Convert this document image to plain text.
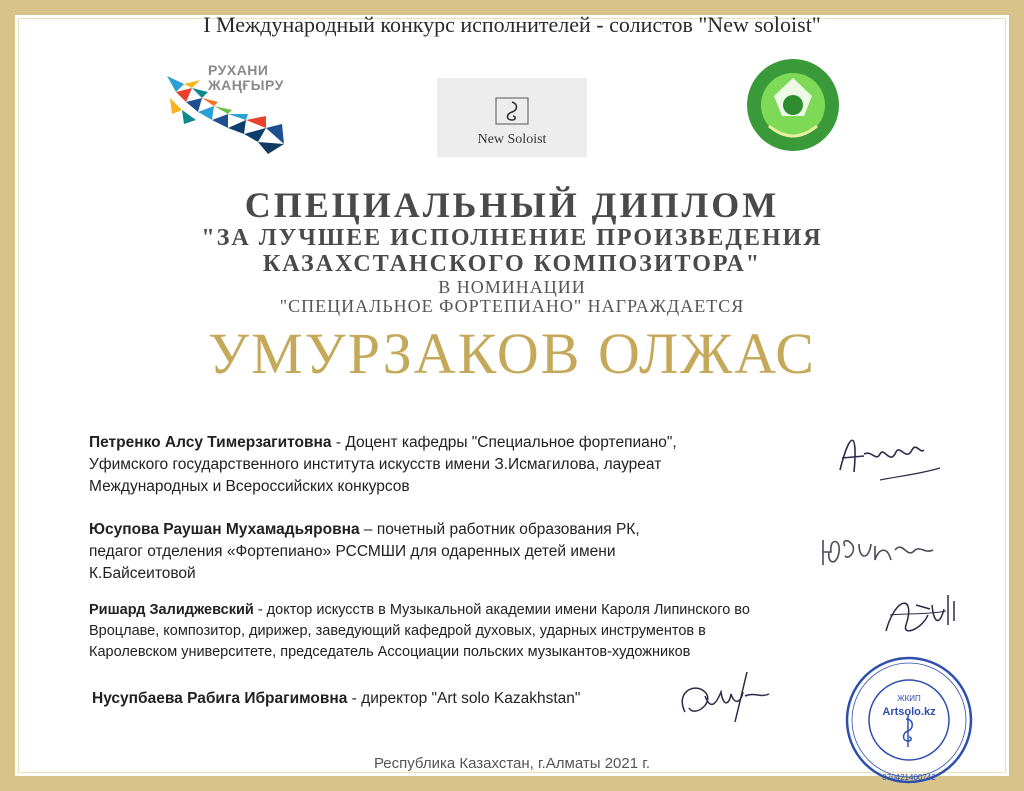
I Международный конкурс исполнителей - солистов "New soloist"
РУХАНИ ЖАҢҒЫРУ
New Soloist
СПЕЦИАЛЬНЫЙ ДИПЛОМ
"ЗА ЛУЧШЕЕ ИСПОЛНЕНИЕ ПРОИЗВЕДЕНИЯ
КАЗАХСТАНСКОГО КОМПОЗИТОРА"
В НОМИНАЦИИ
"СПЕЦИАЛЬНОЕ ФОРТЕПИАНО" НАГРАЖДАЕТСЯ
УМУРЗАКОВ ОЛЖАС
Петренко Алсу Тимерзагитовна - Доцент кафедры "Специальное фортепиано",
Уфимского государственного института искусств имени З.Исмагилова, лауреат
Международных и Всероссийских конкурсов
Юсупова Раушан Мухамадьяровна – почетный работник образования РК,
педагог отделения «Фортепиано» РССМШИ для одаренных детей имени
К.Байсеитовой
Ришард Залиджевский - доктор искусств в Музыкальной академии имени Кароля Липинского во
Вроцлаве, композитор, дирижер, заведующий кафедрой духовых, ударных инструментов в
Каролевском университете, председатель Ассоциации польских музыкантов-художников
Нусупбаева Рабига Ибрагимовна - директор "Art solo Kazakhstan"	ЖКИП
Artsolo.kz
870421400742
Республика Казахстан, г.Алматы 2021 г.
